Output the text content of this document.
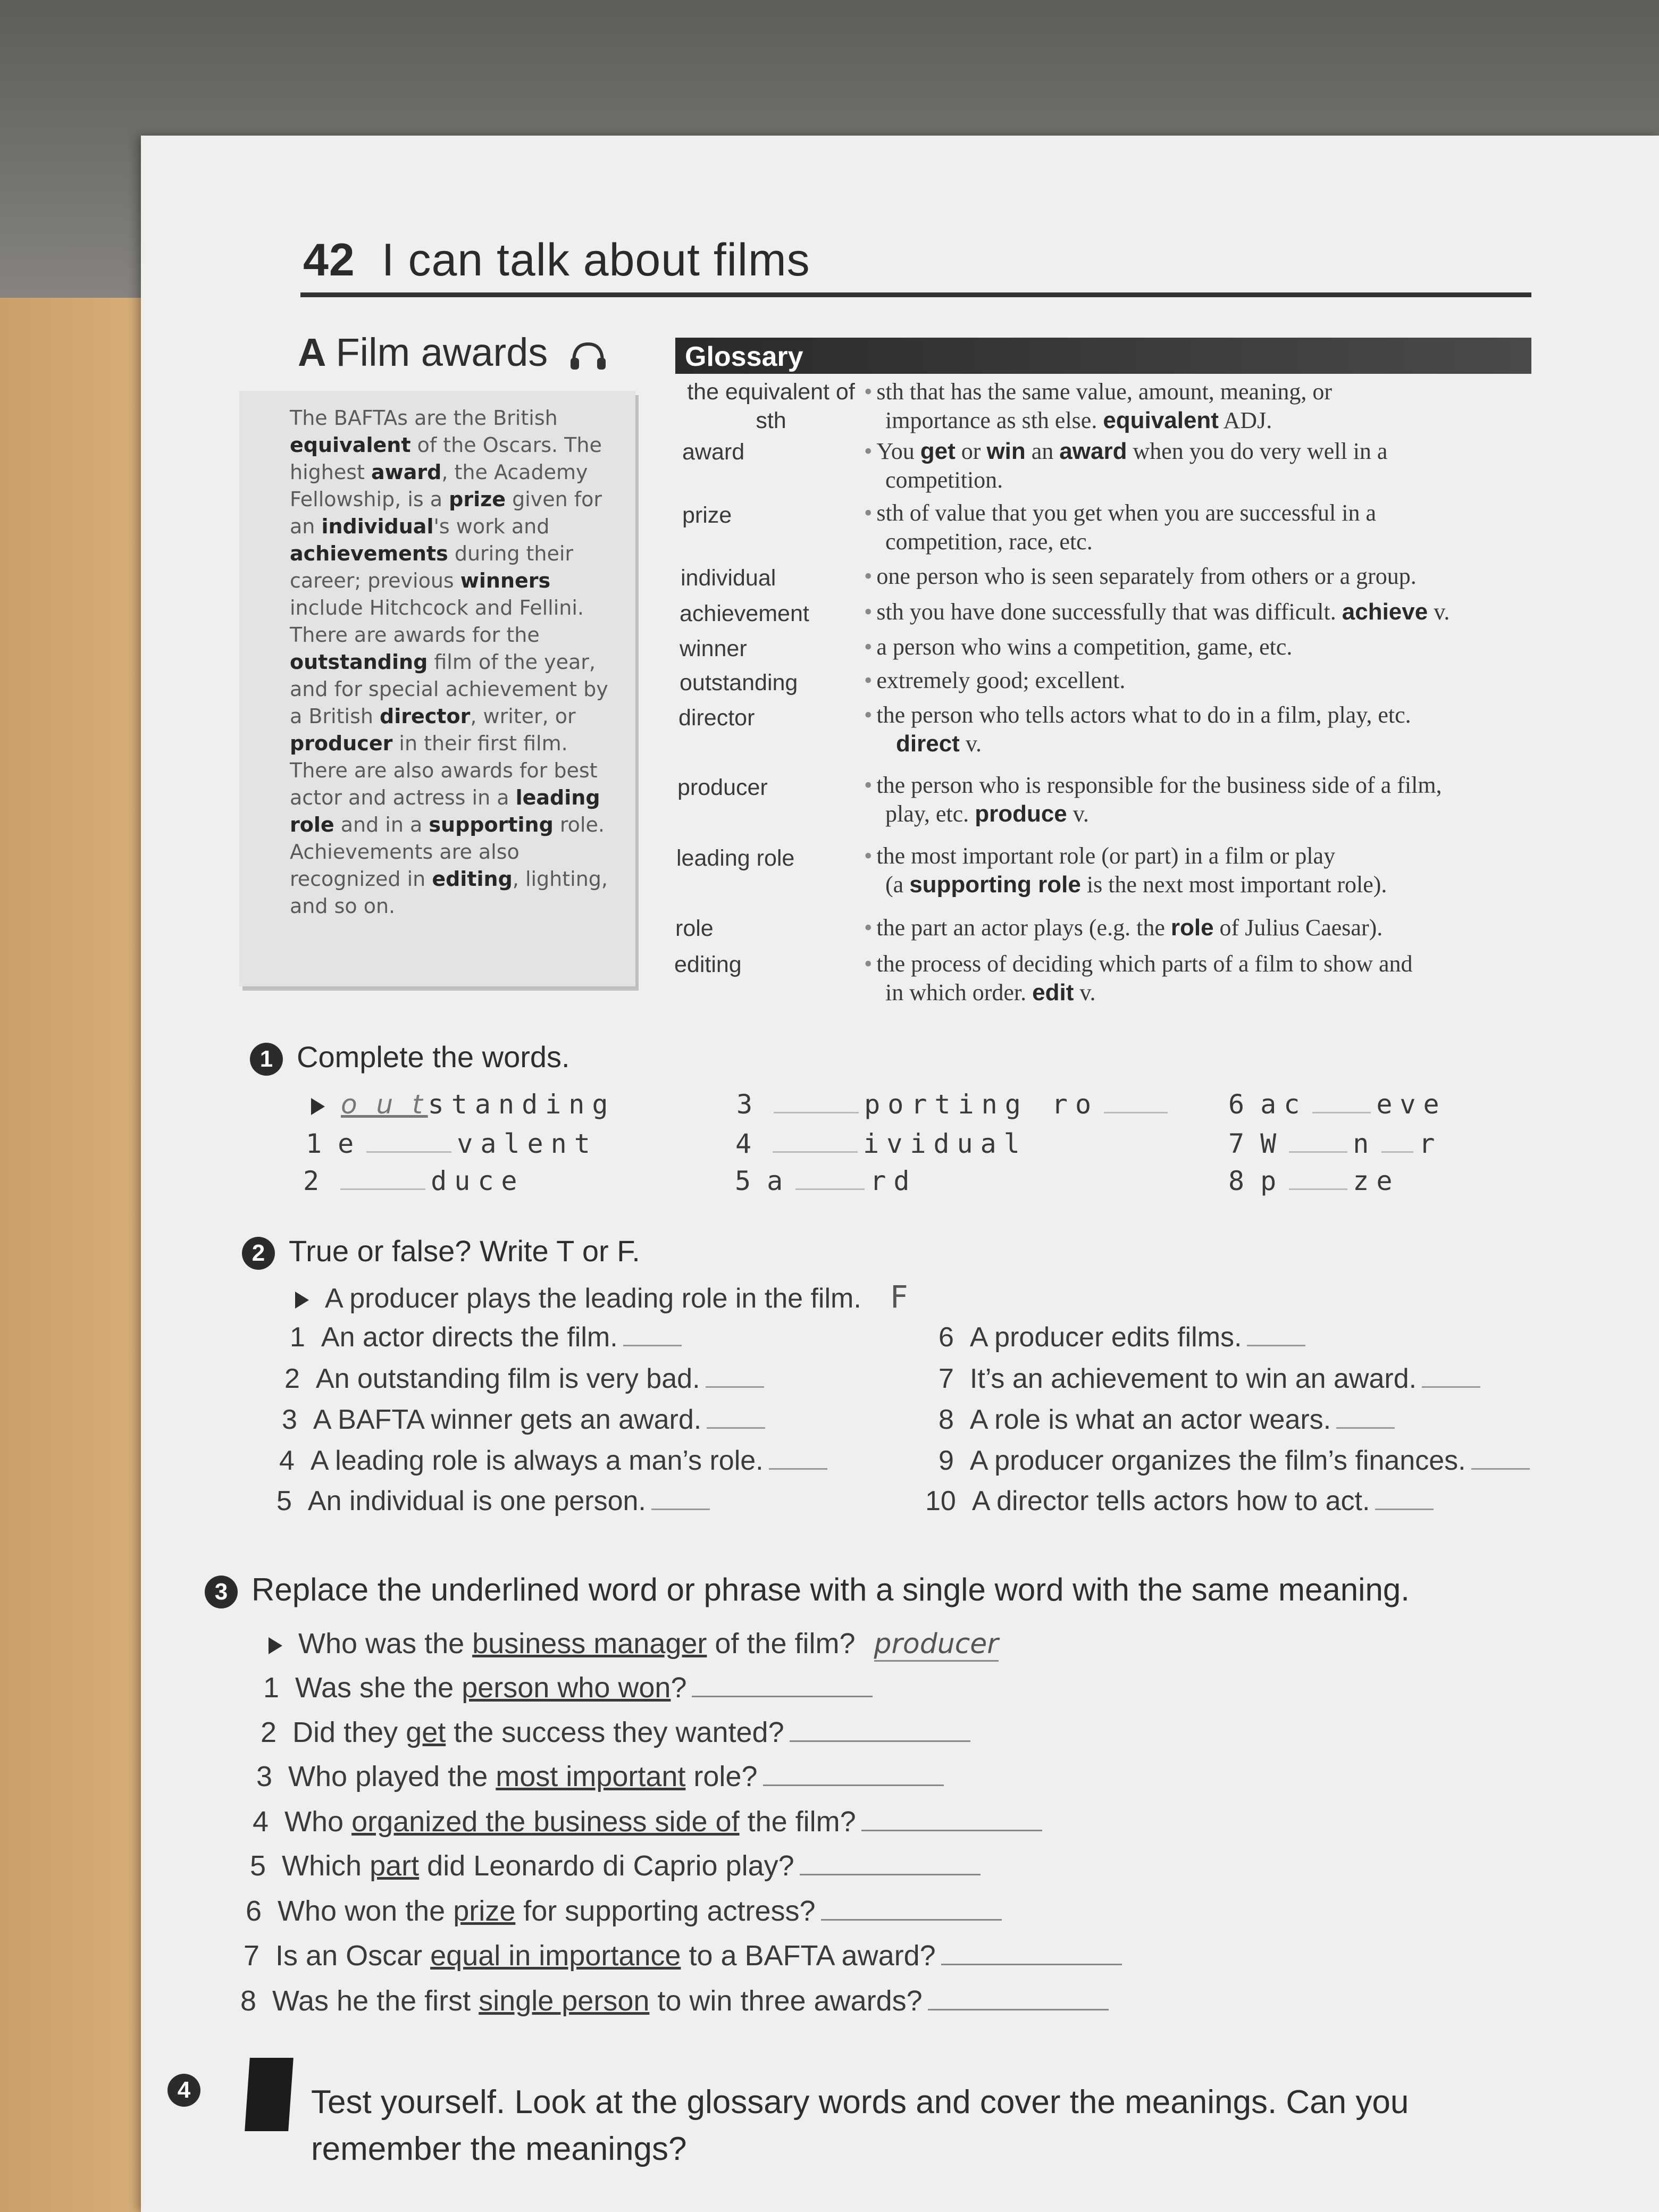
42 I can talk about films
A Film awards	Glossary

The BAFTAs are the British equivalent of the Oscars. The highest award, the Academy Fellowship, is a prize given for an individual's work and achievements during their career; previous winners include Hitchcock and Fellini. There are awards for the outstanding film of the year, and for special achievement by a British director, writer, or producer in their first film. There are also awards for best actor and actress in a leading role and in a supporting role. Achievements are also recognized in editing, lighting, and so on.

the equivalent of sth
• sth that has the same value, amount, meaning, or
importance as sth else. equivalent ADJ.
award	• You get or win an award when you do very well in a
competition.
prize	• sth of value that you get when you are successful in a
competition, race, etc.
individual	• one person who is seen separately from others or a group.
achievement • sth you have done successfully that was difficult. achieve v.
winner	• a person who wins a competition, game, etc.
outstanding	• extremely good; excellent.
director	• the person who tells actors what to do in a film, play, etc.
direct v.
producer	• the person who is responsible for the business side of a film,
play, etc. produce v.
leading role	• the most important role (or part) in a film or play
(a supporting role is the next most important role).
role	• the part an actor plays (e.g. the role of Julius Caesar).
editing	• the process of deciding which parts of a film to show and
in which order. edit v.
1 Complete the words.
o u tstanding
1 e	valent
2	duce
3	porting ro
4	ividual
5 a	rd
6 ac	eve
7 W	n r
8 p	ze
2 True or false? Write T or F.
A producer plays the leading role in the film. F
1 An actor directs the film.
2 An outstanding film is very bad.
3 A BAFTA winner gets an award.
4 A leading role is always a man’s role.
5 An individual is one person.
6 A producer edits films.
7 It’s an achievement to win an award.
8 A role is what an actor wears.
9 A producer organizes the film’s finances.
10 A director tells actors how to act.
3 Replace the underlined word or phrase with a single word with the same meaning.
Who was the business manager of the film? producer
1 Was she the person who won?
2 Did they get the success they wanted?
3 Who played the most important role?
4 Who organized the business side of the film?
5 Which part did Leonardo di Caprio play?
6 Who won the prize for supporting actress?
7 Is an Oscar equal in importance to a BAFTA award?
8 Was he the first single person to win three awards?
4	Test yourself. Look at the glossary words and cover the meanings. Can you
remember the meanings?
